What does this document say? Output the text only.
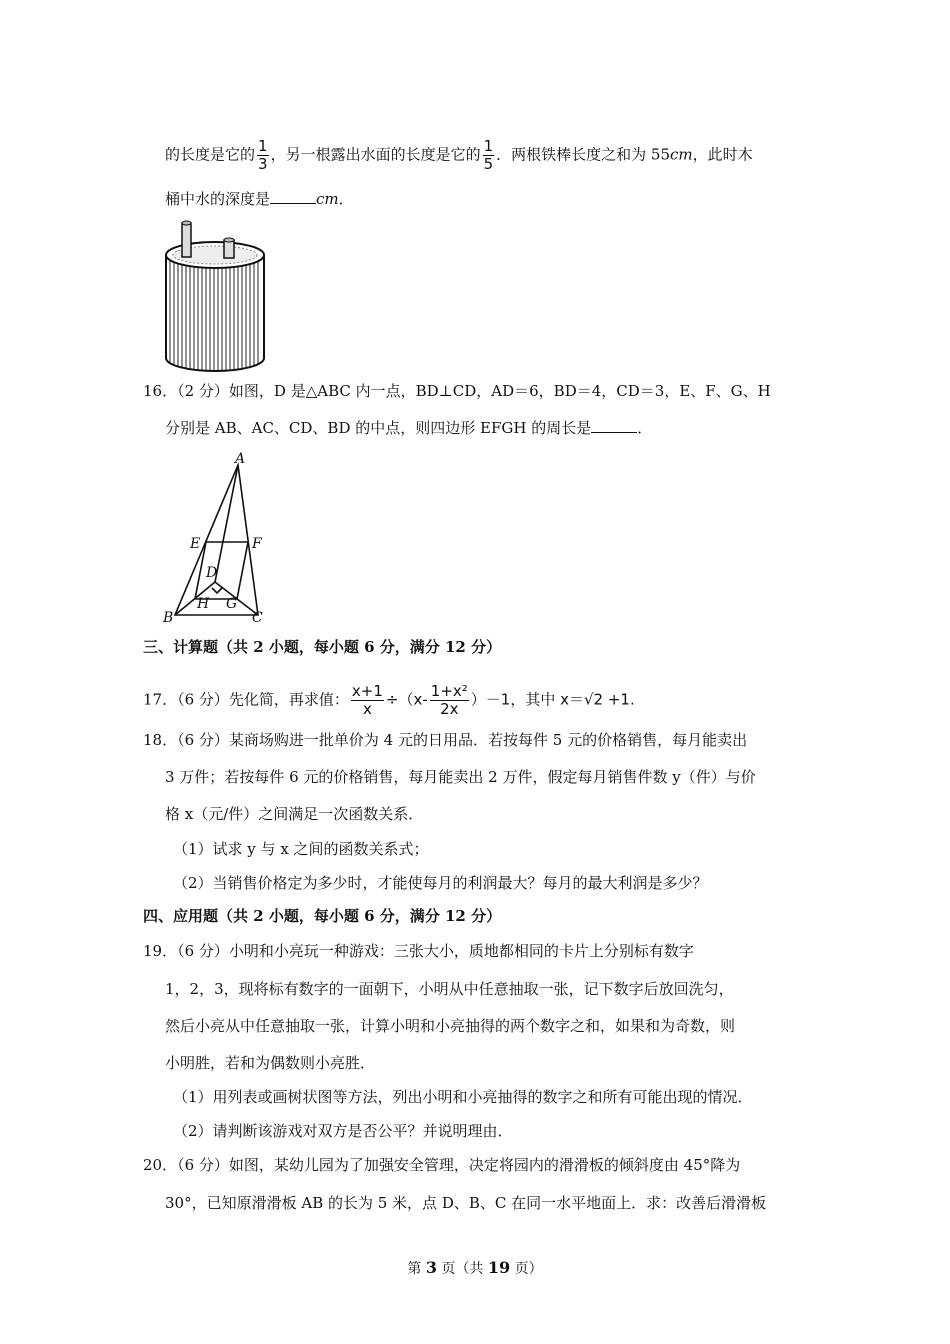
的长度是它的 $\frac{1}{3}$ ，另一根露出水面的长度是它的 $\frac{1}{5}$ ．两根铁棒长度之和为 55cm，此时木
桶中水的深度是	cm．
16．（2 分）如图，D 是△ABC 内一点，BD⊥CD，AD＝6，BD＝4，CD＝3，E、F、G、H
分别是 AB、AC、CD、BD 的中点，则四边形 EFGH 的周长是	．
A
E	F
D
H G
B	C
三、计算题（共 2 小题，每小题 6 分，满分 12 分）
17．（6 分）先化简，再求值： $\frac{x+1}{x} \div(x- \frac{\text{1+x²}}{2x} )-1$，其中 x＝√2 +1.
18．（6 分）某商场购进一批单价为 4 元的日用品．若按每件 5 元的价格销售，每月能卖出
3 万件；若按每件 6 元的价格销售，每月能卖出 2 万件，假定每月销售件数 y（件）与价
格 x（元/件）之间满足一次函数关系．
（1）试求 y 与 x 之间的函数关系式；
（2）当销售价格定为多少时，才能使每月的利润最大？每月的最大利润是多少？
四、应用题（共 2 小题，每小题 6 分，满分 12 分）
19．（6 分）小明和小亮玩一种游戏：三张大小，质地都相同的卡片上分别标有数字
1，2，3，现将标有数字的一面朝下，小明从中任意抽取一张，记下数字后放回洗匀，
然后小亮从中任意抽取一张，计算小明和小亮抽得的两个数字之和，如果和为奇数，则
小明胜，若和为偶数则小亮胜．
（1）用列表或画树状图等方法，列出小明和小亮抽得的数字之和所有可能出现的情况．
（2）请判断该游戏对双方是否公平？并说明理由．
20．（6 分）如图，某幼儿园为了加强安全管理，决定将园内的滑滑板的倾斜度由 45°降为
30°，已知原滑滑板 AB 的长为 5 米，点 D、B、C 在同一水平地面上．求：改善后滑滑板
第 3 页（共 19 页）
